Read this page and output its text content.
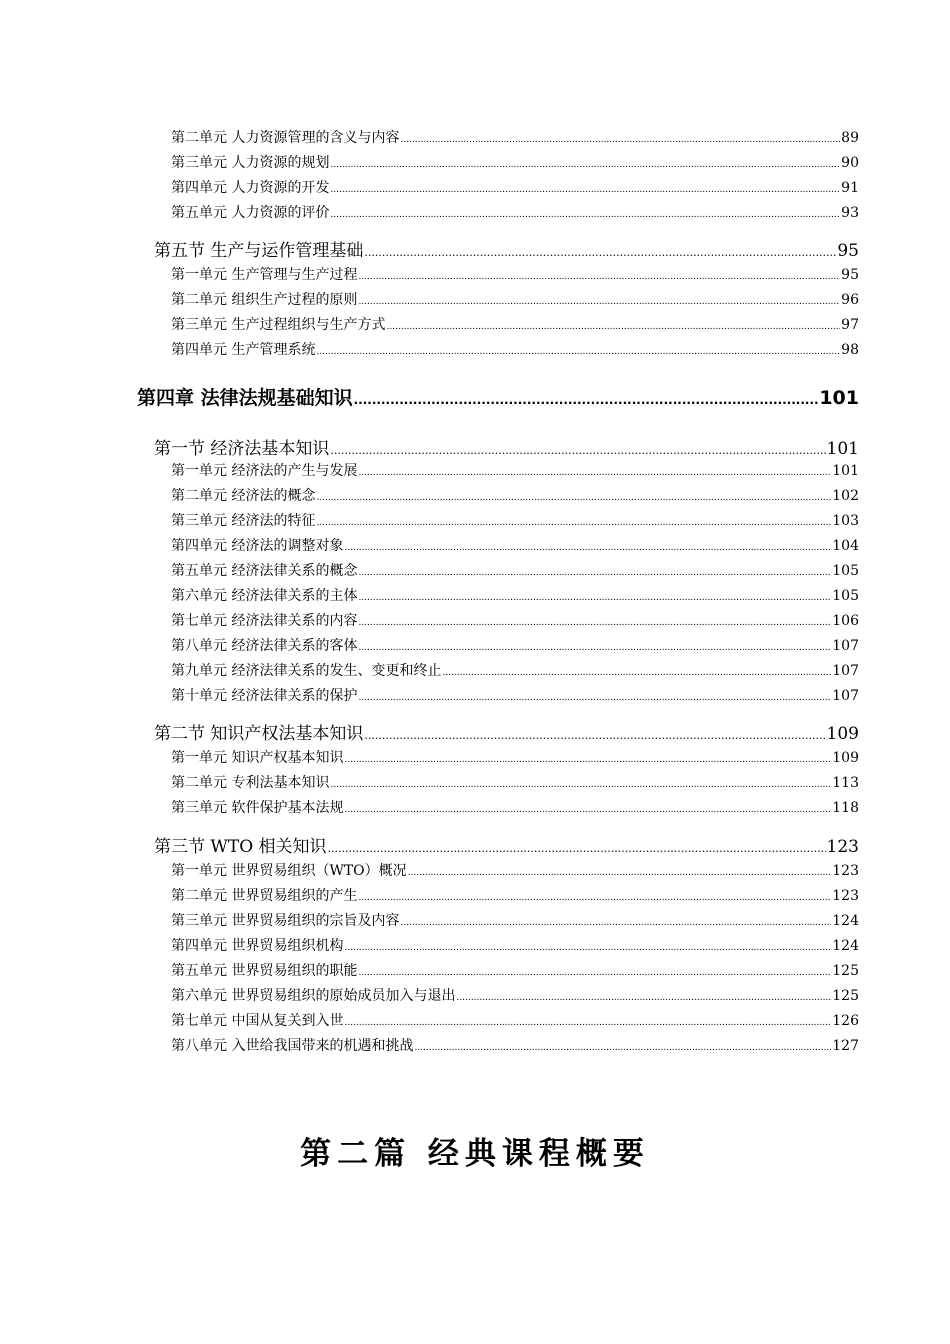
第二单元 人力资源管理的含义与内容 .....	89
第三单元 人力资源的规划 .....	90
第四单元 人力资源的开发 .....	91
第五单元 人力资源的评价 .....	93
第五节 生产与运作管理基础 .....	95
第一单元 生产管理与生产过程 .....	95
第二单元 组织生产过程的原则 .....	96
第三单元 生产过程组织与生产方式 .....	97
第四单元 生产管理系统 .....	98
第四章 法律法规基础知识 .....	101
第一节 经济法基本知识 .....	101
第一单元 经济法的产生与发展 .....	101
第二单元 经济法的概念 .....	102
第三单元 经济法的特征 .....	103
第四单元 经济法的调整对象 .....	104
第五单元 经济法律关系的概念 .....	105
第六单元 经济法律关系的主体 .....	105
第七单元 经济法律关系的内容 .....	106
第八单元 经济法律关系的客体 .....	107
第九单元 经济法律关系的发生、变更和终止 .....	107
第十单元 经济法律关系的保护 .....	107
第二节 知识产权法基本知识 .....	109
第一单元 知识产权基本知识 .....	109
第二单元 专利法基本知识 .....	113
第三单元 软件保护基本法规 .....	118
第三节 WTO 相关知识 .....	123
第一单元 世界贸易组织（WTO）概况 .....	123
第二单元 世界贸易组织的产生 .....	123
第三单元 世界贸易组织的宗旨及内容 .....	124
第四单元 世界贸易组织机构 .....	124
第五单元 世界贸易组织的职能 .....	125
第六单元 世界贸易组织的原始成员加入与退出 .....	125
第七单元 中国从复关到入世 .....	126
第八单元 入世给我国带来的机遇和挑战 .....	127
第二篇 经典课程概要
